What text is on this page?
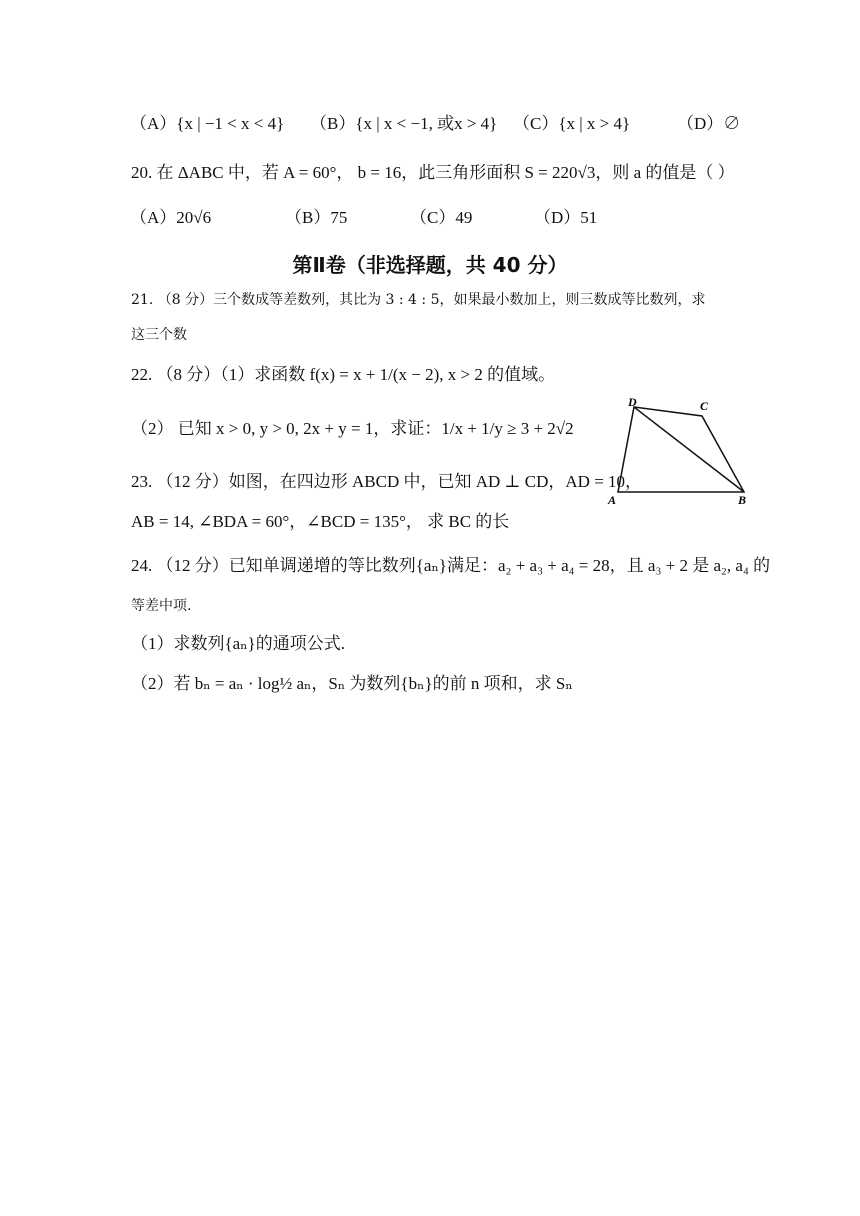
（A）{x | −1 < x < 4} （B）{x | x < −1, 或x > 4} （C）{x | x > 4}	（D）∅
20. 在 ΔABC 中，若 A = 60°， b = 16，此三角形面积 S = 220√3，则 a 的值是（ ）
（A）20√6	（B）75	（C）49	（D）51
第Ⅱ卷（非选择题，共 40 分）
21. （8 分）三个数成等差数列，其比为 3 : 4 : 5，如果最小数加上，则三数成等比数列，求
这三个数
22. （8 分）（1）求函数 f(x) = x + 1/(x − 2), x > 2 的值域。
（2） 已知 x > 0, y > 0, 2x + y = 1，求证：1/x + 1/y ≥ 3 + 2√2
A	B
C
D
23. （12 分）如图，在四边形 ABCD 中，已知 AD ⊥ CD，AD = 10，
AB = 14, ∠BDA = 60°，∠BCD = 135°， 求 BC 的长
24. （12 分）已知单调递增的等比数列{aₙ}满足：a₂ + a₃ + a₄ = 28，且 a₃ + 2 是 a₂, a₄ 的
等差中项.
（1）求数列{aₙ}的通项公式.
（2）若 bₙ = aₙ · log½ aₙ，Sₙ 为数列{bₙ}的前 n 项和，求 Sₙ
